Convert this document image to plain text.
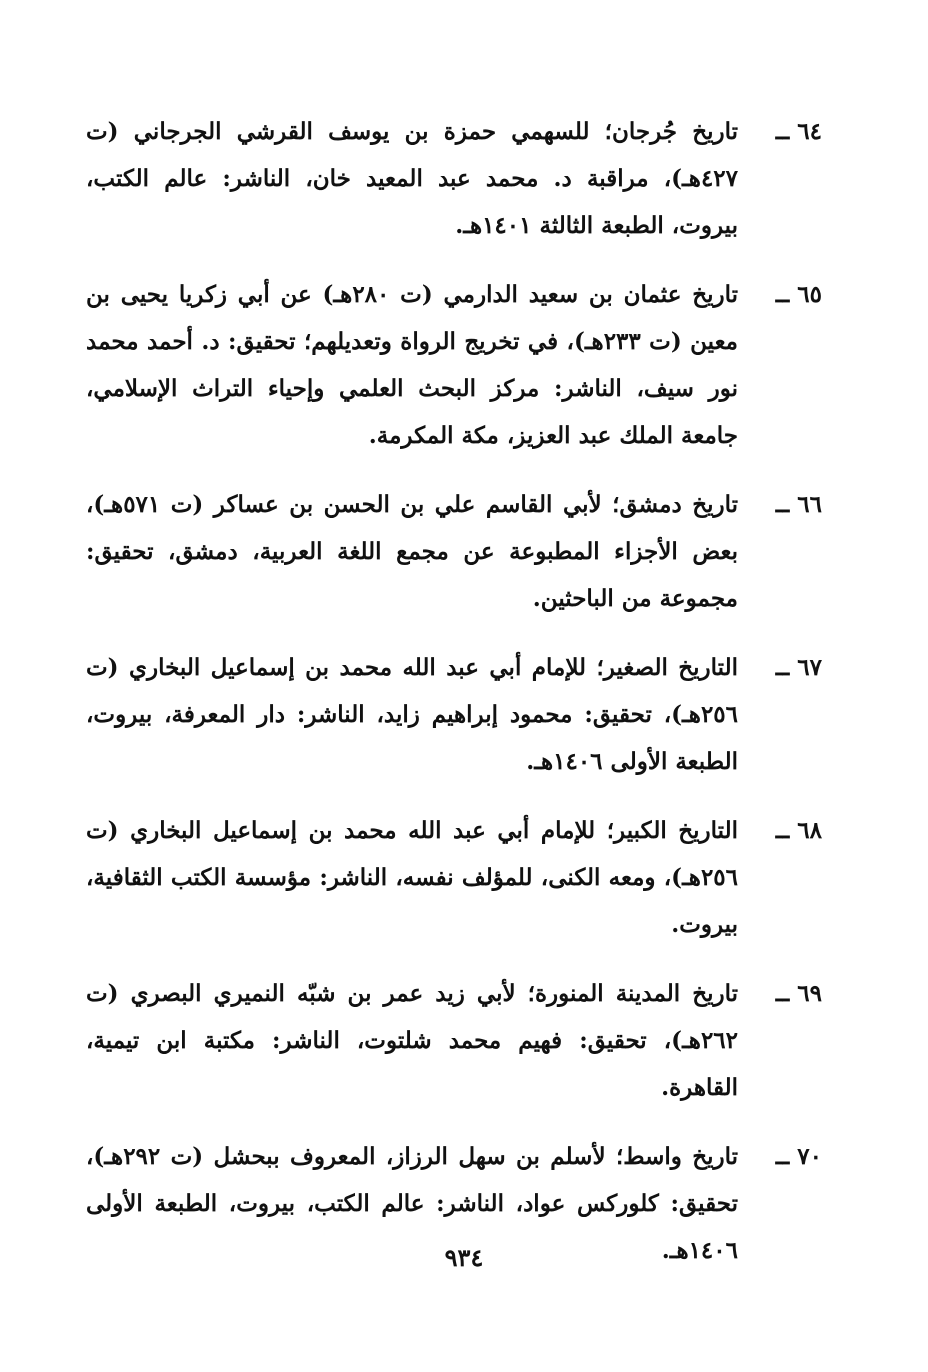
٦٤ ــ
تاريخ جُرجان؛ للسهمي حمزة بن يوسف القرشي الجرجاني (ت ٤٢٧هـ)، مراقبة د. محمد عبد المعيد خان، الناشر: عالم الكتب، بيروت، الطبعة الثالثة ١٤٠١هـ.
٦٥ ــ
تاريخ عثمان بن سعيد الدارمي (ت ٢٨٠هـ) عن أبي زكريا يحيى بن معين (ت ٢٣٣هـ)، في تخريج الرواة وتعديلهم؛ تحقيق: د. أحمد محمد نور سيف، الناشر: مركز البحث العلمي وإحياء التراث الإسلامي، جامعة الملك عبد العزيز، مكة المكرمة.
٦٦ ــ
تاريخ دمشق؛ لأبي القاسم علي بن الحسن بن عساكر (ت ٥٧١هـ)، بعض الأجزاء المطبوعة عن مجمع اللغة العربية، دمشق، تحقيق: مجموعة من الباحثين.
٦٧ ــ
التاريخ الصغير؛ للإمام أبي عبد الله محمد بن إسماعيل البخاري (ت ٢٥٦هـ)، تحقيق: محمود إبراهيم زايد، الناشر: دار المعرفة، بيروت، الطبعة الأولى ١٤٠٦هـ.
٦٨ ــ
التاريخ الكبير؛ للإمام أبي عبد الله محمد بن إسماعيل البخاري (ت ٢٥٦هـ)، ومعه الكنى، للمؤلف نفسه، الناشر: مؤسسة الكتب الثقافية، بيروت.
٦٩ ــ
تاريخ المدينة المنورة؛ لأبي زيد عمر بن شبّه النميري البصري (ت ٢٦٢هـ)، تحقيق: فهيم محمد شلتوت، الناشر: مكتبة ابن تيمية، القاهرة.
٧٠ ــ
تاريخ واسط؛ لأسلم بن سهل الرزاز، المعروف ببحشل (ت ٢٩٢هـ)، تحقيق: كلوركس عواد، الناشر: عالم الكتب، بيروت، الطبعة الأولى ١٤٠٦هـ.
٩٣٤
